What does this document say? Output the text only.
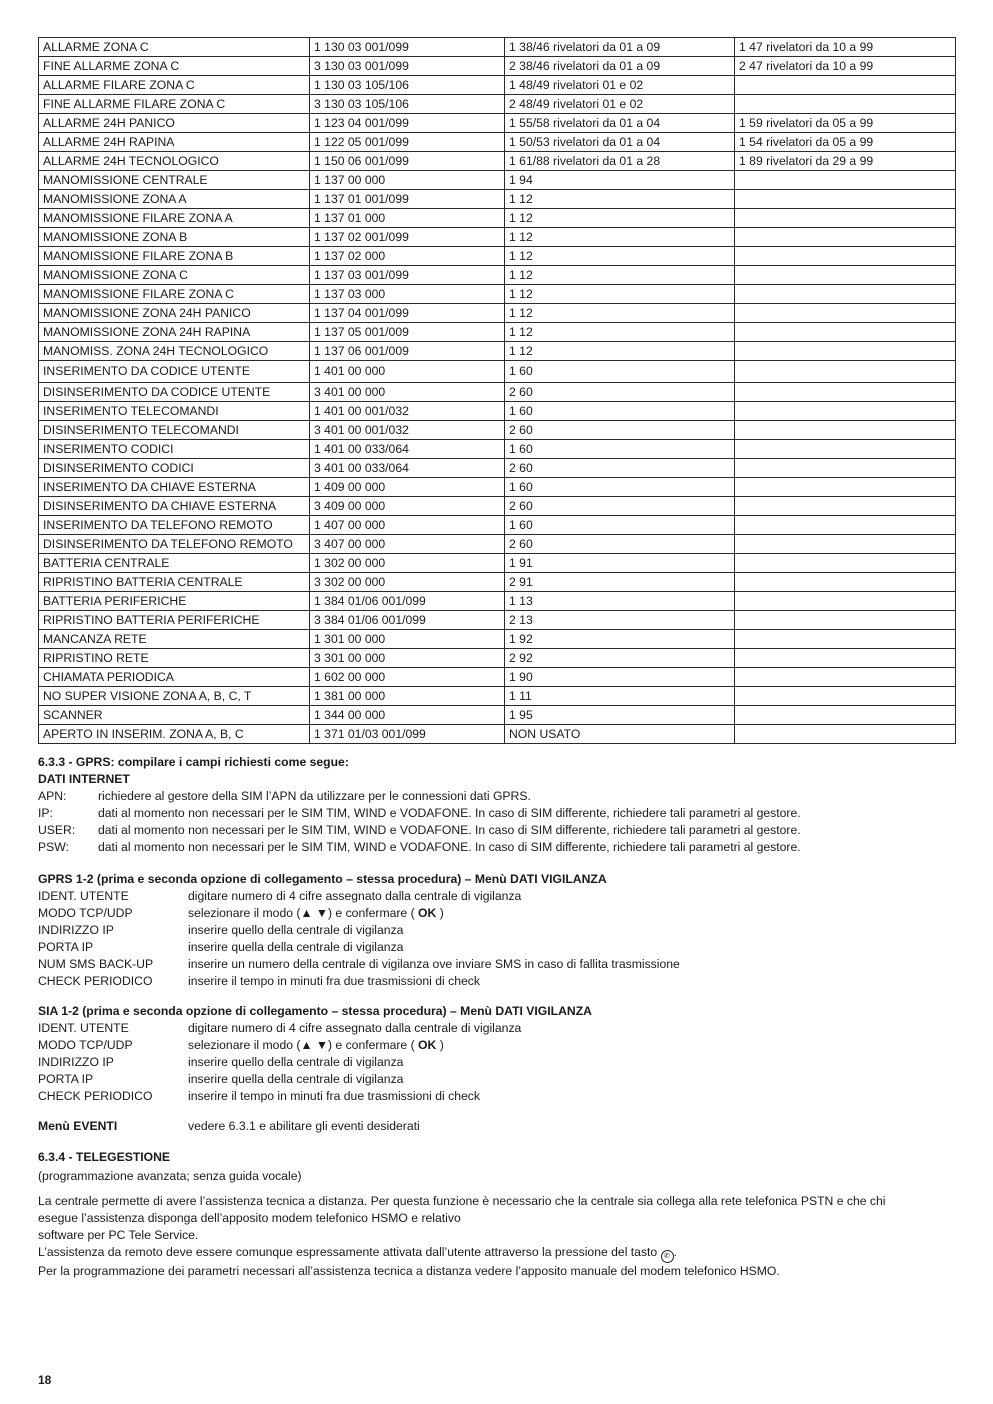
ALLARME ZONA C	1 130 03 001/099	1 38/46 rivelatori da 01 a 09	1 47 rivelatori da 10 a 99
FINE ALLARME ZONA C	3 130 03 001/099	2 38/46 rivelatori da 01 a 09	2 47 rivelatori da 10 a 99
ALLARME FILARE ZONA C	1 130 03 105/106	1 48/49 rivelatori 01 e 02	
FINE ALLARME FILARE ZONA C	3 130 03 105/106	2 48/49 rivelatori 01 e 02	
ALLARME 24H PANICO	1 123 04 001/099	1 55/58 rivelatori da 01 a 04	1 59 rivelatori da 05 a 99
ALLARME 24H RAPINA	1 122 05 001/099	1 50/53 rivelatori da 01 a 04	1 54 rivelatori da 05 a 99
ALLARME 24H TECNOLOGICO	1 150 06 001/099	1 61/88 rivelatori da 01 a 28	1 89 rivelatori da 29 a 99
MANOMISSIONE CENTRALE	1 137 00 000	1 94	
MANOMISSIONE ZONA A	1 137 01 001/099	1 12	
MANOMISSIONE FILARE ZONA A	1 137 01 000	1 12	
MANOMISSIONE ZONA B	1 137 02 001/099	1 12	
MANOMISSIONE FILARE ZONA B	1 137 02 000	1 12	
MANOMISSIONE ZONA C	1 137 03 001/099	1 12	
MANOMISSIONE FILARE ZONA C	1 137 03 000	1 12	
MANOMISSIONE ZONA 24H PANICO	1 137 04 001/099	1 12	
MANOMISSIONE ZONA 24H RAPINA	1 137 05 001/009	1 12	
MANOMISS. ZONA 24H TECNOLOGICO	1 137 06 001/009	1 12	
INSERIMENTO DA CODICE UTENTE	1 401 00 000	1 60	
DISINSERIMENTO DA CODICE UTENTE	3 401 00 000	2 60	
INSERIMENTO TELECOMANDI	1 401 00 001/032	1 60	
DISINSERIMENTO TELECOMANDI	3 401 00 001/032	2 60	
INSERIMENTO CODICI	1 401 00 033/064	1 60	
DISINSERIMENTO CODICI	3 401 00 033/064	2 60	
INSERIMENTO DA CHIAVE ESTERNA	1 409 00 000	1 60	
DISINSERIMENTO DA CHIAVE ESTERNA	3 409 00 000	2 60	
INSERIMENTO DA TELEFONO REMOTO	1 407 00 000	1 60	
DISINSERIMENTO DA TELEFONO REMOTO	3 407 00 000	2 60	
BATTERIA CENTRALE	1 302 00 000	1 91	
RIPRISTINO BATTERIA CENTRALE	3 302 00 000	2 91	
BATTERIA PERIFERICHE	1 384 01/06 001/099	1 13	
RIPRISTINO BATTERIA PERIFERICHE	3 384 01/06 001/099	2 13	
MANCANZA RETE	1 301 00 000	1 92	
RIPRISTINO RETE	3 301 00 000	2 92	
CHIAMATA PERIODICA	1 602 00 000	1 90	
NO SUPER VISIONE ZONA A, B, C, T	1 381 00 000	1 11	
SCANNER	1 344 00 000	1 95	
APERTO IN INSERIM. ZONA A, B, C	1 371 01/03 001/099	NON USATO	
6.3.3 - GPRS: compilare i campi richiesti come segue:
DATI INTERNET
APN:	richiedere al gestore della SIM l’APN da utilizzare per le connessioni dati GPRS.
IP:	dati al momento non necessari per le SIM TIM, WIND e VODAFONE. In caso di SIM differente, richiedere tali parametri al gestore.
USER:	dati al momento non necessari per le SIM TIM, WIND e VODAFONE. In caso di SIM differente, richiedere tali parametri al gestore.
PSW:	dati al momento non necessari per le SIM TIM, WIND e VODAFONE. In caso di SIM differente, richiedere tali parametri al gestore.
GPRS 1-2 (prima e seconda opzione di collegamento – stessa procedura) – Menù DATI VIGILANZA
IDENT. UTENTE	digitare numero di 4 cifre assegnato dalla centrale di vigilanza
MODO TCP/UDP	selezionare il modo (▲ ▼) e confermare ( OK )
INDIRIZZO IP	inserire quello della centrale di vigilanza
PORTA IP	inserire quella della centrale di vigilanza
NUM SMS BACK-UP	inserire un numero della centrale di vigilanza ove inviare SMS in caso di fallita trasmissione
CHECK PERIODICO	inserire il tempo in minuti fra due trasmissioni di check
SIA 1-2 (prima e seconda opzione di collegamento – stessa procedura) – Menù DATI VIGILANZA
IDENT. UTENTE	digitare numero di 4 cifre assegnato dalla centrale di vigilanza
MODO TCP/UDP	selezionare il modo (▲ ▼) e confermare ( OK )
INDIRIZZO IP	inserire quello della centrale di vigilanza
PORTA IP	inserire quella della centrale di vigilanza
CHECK PERIODICO	inserire il tempo in minuti fra due trasmissioni di check
Menù EVENTI	vedere 6.3.1 e abilitare gli eventi desiderati
6.3.4 - TELEGESTIONE
(programmazione avanzata; senza guida vocale)
La centrale permette di avere l’assistenza tecnica a distanza. Per questa funzione è necessario che la centrale sia collega alla rete telefonica PSTN e che chi
esegue l’assistenza disponga dell’apposito modem telefonico HSMO e relativo
software per PC Tele Service.
L’assistenza da remoto deve essere comunque espressamente attivata dall’utente attraverso la pressione del tasto ✆ .
Per la programmazione dei parametri necessari all’assistenza tecnica a distanza vedere l’apposito manuale del modem telefonico HSMO.
18
